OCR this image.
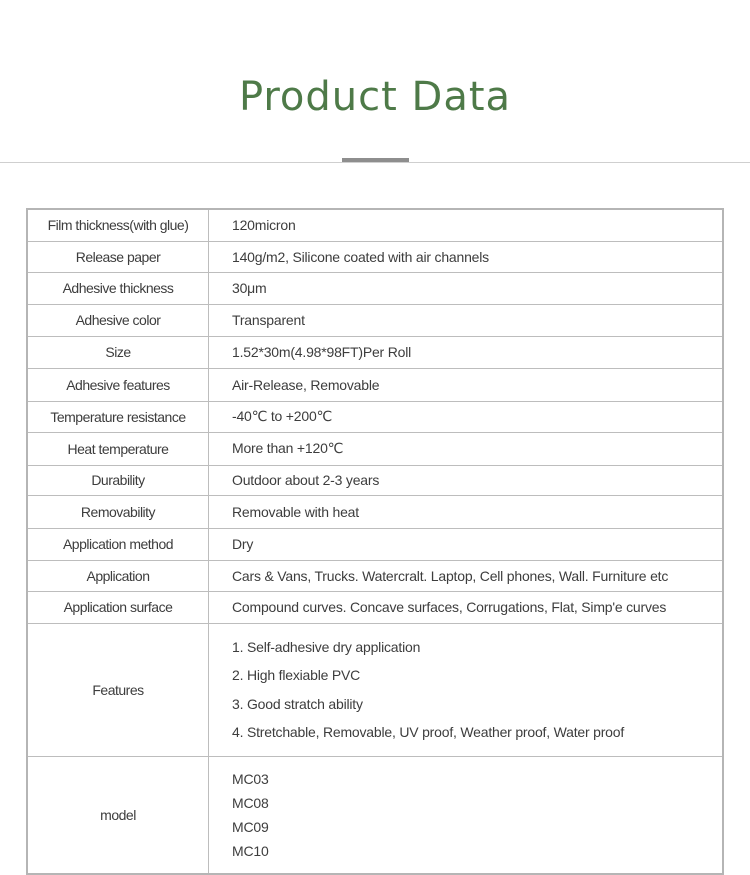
Product Data
Film thickness(with glue)	120micron
Release paper	140g/m2, Silicone coated with air channels
Adhesive thickness	30μm
Adhesive color	Transparent
Size	1.52*30m(4.98*98FT)Per Roll
Adhesive features	Air-Release, Removable
Temperature resistance	-40℃ to +200℃
Heat temperature	More than +120℃
Durability	Outdoor about 2-3 years
Removability	Removable with heat
Application method	Dry
Application	Cars & Vans, Trucks. Watercralt. Laptop, Cell phones, Wall. Furniture etc
Application surface	Compound curves. Concave surfaces, Corrugations, Flat, Simp'e curves
Features	1. Self-adhesive dry application
2. High flexiable PVC
3. Good stratch ability
4. Stretchable, Removable, UV proof, Weather proof, Water proof

model	MC03
MC08
MC09
MC10
